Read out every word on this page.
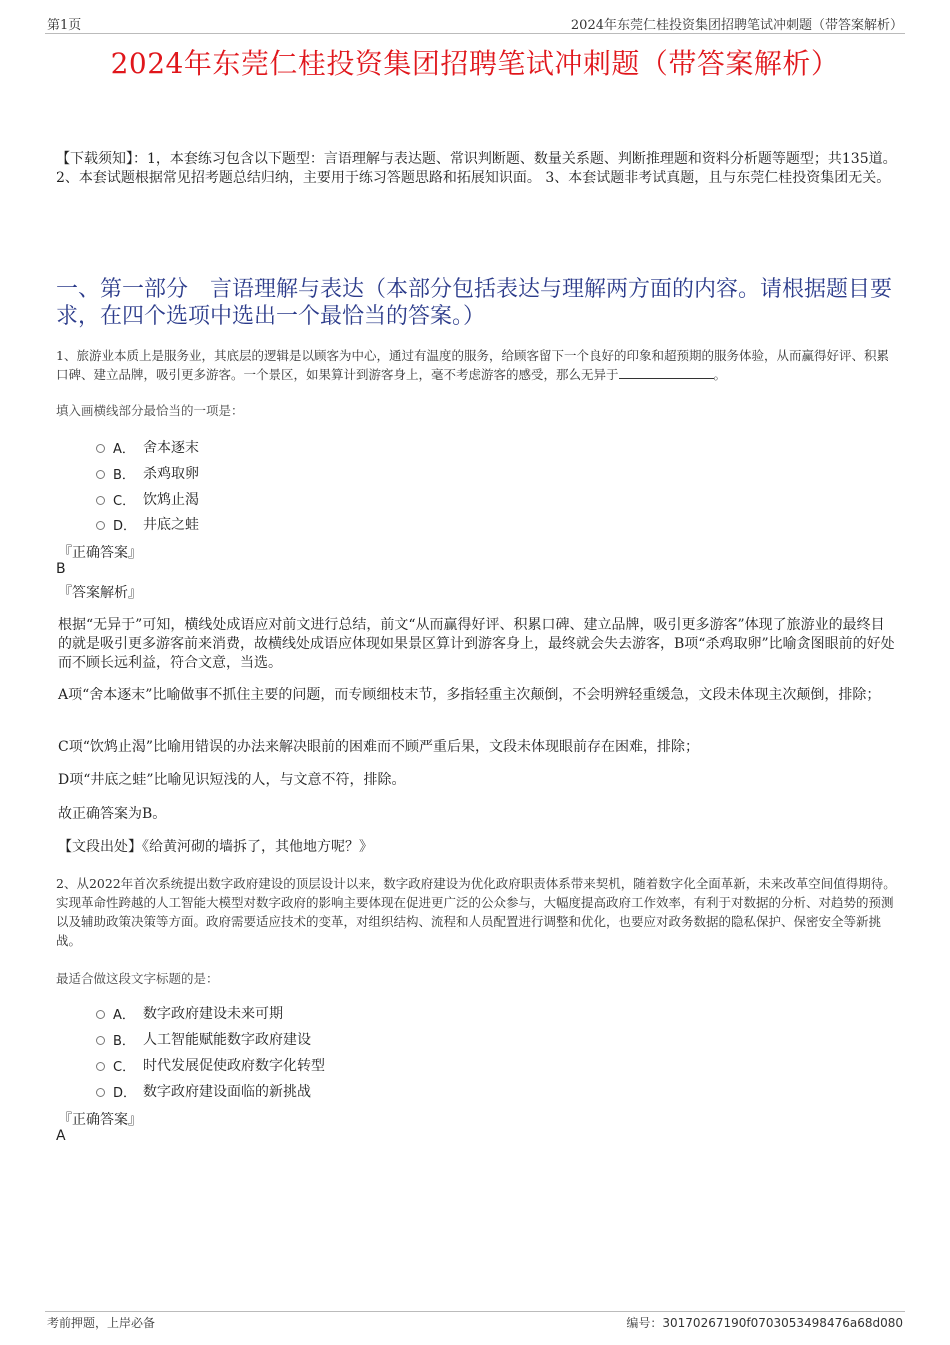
第1页	2024年东莞仁桂投资集团招聘笔试冲刺题（带答案解析）
2024年东莞仁桂投资集团招聘笔试冲刺题（带答案解析）
【下载须知】：1，本套练习包含以下题型：言语理解与表达题、常识判断题、数量关系题、判断推理题和资料分析题等题型；共135道。 2、本套试题根据常见招考题总结归纳，主要用于练习答题思路和拓展知识面。 3、本套试题非考试真题，且与东莞仁桂投资集团无关。
一、第一部分　言语理解与表达（本部分包括表达与理解两方面的内容。请根据题目要求，在四个选项中选出一个最恰当的答案。）
1、旅游业本质上是服务业，其底层的逻辑是以顾客为中心，通过有温度的服务，给顾客留下一个良好的印象和超预期的服务体验，从而赢得好评、积累口碑、建立品牌，吸引更多游客。一个景区，如果算计到游客身上，毫不考虑游客的感受，那么无异于	。
填入画横线部分最恰当的一项是：
A． 舍本逐末
B． 杀鸡取卵
C． 饮鸩止渴
D． 井底之蛙
『正确答案』
B
『答案解析』
根据“无异于”可知，横线处成语应对前文进行总结，前文“从而赢得好评、积累口碑、建立品牌，吸引更多游客”体现了旅游业的最终目的就是吸引更多游客前来消费，故横线处成语应体现如果景区算计到游客身上，最终就会失去游客，B项“杀鸡取卵”比喻贪图眼前的好处而不顾长远利益，符合文意，当选。
A项“舍本逐末”比喻做事不抓住主要的问题，而专顾细枝末节，多指轻重主次颠倒，不会明辨轻重缓急，文段未体现主次颠倒，排除；
C项“饮鸩止渴”比喻用错误的办法来解决眼前的困难而不顾严重后果，文段未体现眼前存在困难，排除；
D项“井底之蛙”比喻见识短浅的人，与文意不符，排除。
故正确答案为B。
【文段出处】《给黄河砌的墙拆了，其他地方呢？》
2、从2022年首次系统提出数字政府建设的顶层设计以来，数字政府建设为优化政府职责体系带来契机，随着数字化全面革新，未来改革空间值得期待。实现革命性跨越的人工智能大模型对数字政府的影响主要体现在促进更广泛的公众参与，大幅度提高政府工作效率，有利于对数据的分析、对趋势的预测以及辅助政策决策等方面。政府需要适应技术的变革，对组织结构、流程和人员配置进行调整和优化，也要应对政务数据的隐私保护、保密安全等新挑战。
最适合做这段文字标题的是：
A． 数字政府建设未来可期
B． 人工智能赋能数字政府建设
C． 时代发展促使政府数字化转型
D． 数字政府建设面临的新挑战
『正确答案』
A
考前押题，上岸必备	编号：30170267190f0703053498476a68d080
